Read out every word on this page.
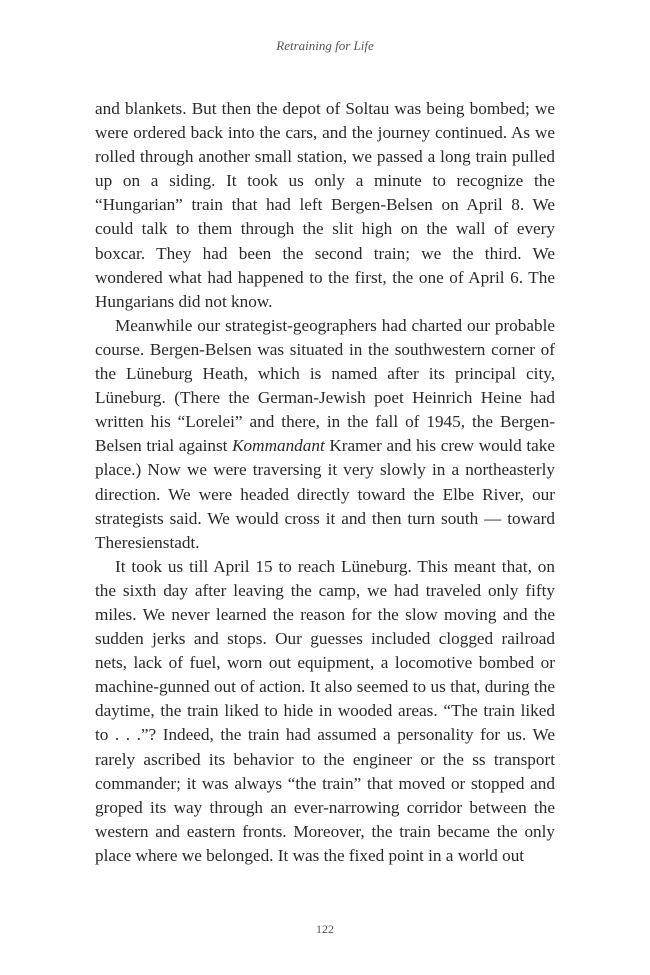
Retraining for Life

and blankets. But then the depot of Soltau was being bombed; we were ordered back into the cars, and the journey continued. As we rolled through another small station, we passed a long train pulled up on a siding. It took us only a minute to recognize the “Hungarian” train that had left Bergen-Belsen on April 8. We could talk to them through the slit high on the wall of every boxcar. They had been the second train; we the third. We wondered what had happened to the first, the one of April 6. The Hungarians did not know.

Meanwhile our strategist-geographers had charted our probable course. Bergen-Belsen was situated in the southwestern corner of the Lüneburg Heath, which is named after its principal city, Lüneburg. (There the German-Jewish poet Heinrich Heine had written his “Lorelei” and there, in the fall of 1945, the Bergen-Belsen trial against Kommandant Kramer and his crew would take place.) Now we were traversing it very slowly in a northeasterly direction. We were headed directly toward the Elbe River, our strategists said. We would cross it and then turn south — toward Theresienstadt.

It took us till April 15 to reach Lüneburg. This meant that, on the sixth day after leaving the camp, we had traveled only fifty miles. We never learned the reason for the slow moving and the sudden jerks and stops. Our guesses included clogged railroad nets, lack of fuel, worn out equipment, a locomotive bombed or machine-gunned out of action. It also seemed to us that, during the daytime, the train liked to hide in wooded areas. “The train liked to . . .”? Indeed, the train had assumed a personality for us. We rarely ascribed its behavior to the engineer or the ss transport commander; it was always “the train” that moved or stopped and groped its way through an ever-narrowing corridor between the western and eastern fronts. Moreover, the train became the only place where we belonged. It was the fixed point in a world out

122
